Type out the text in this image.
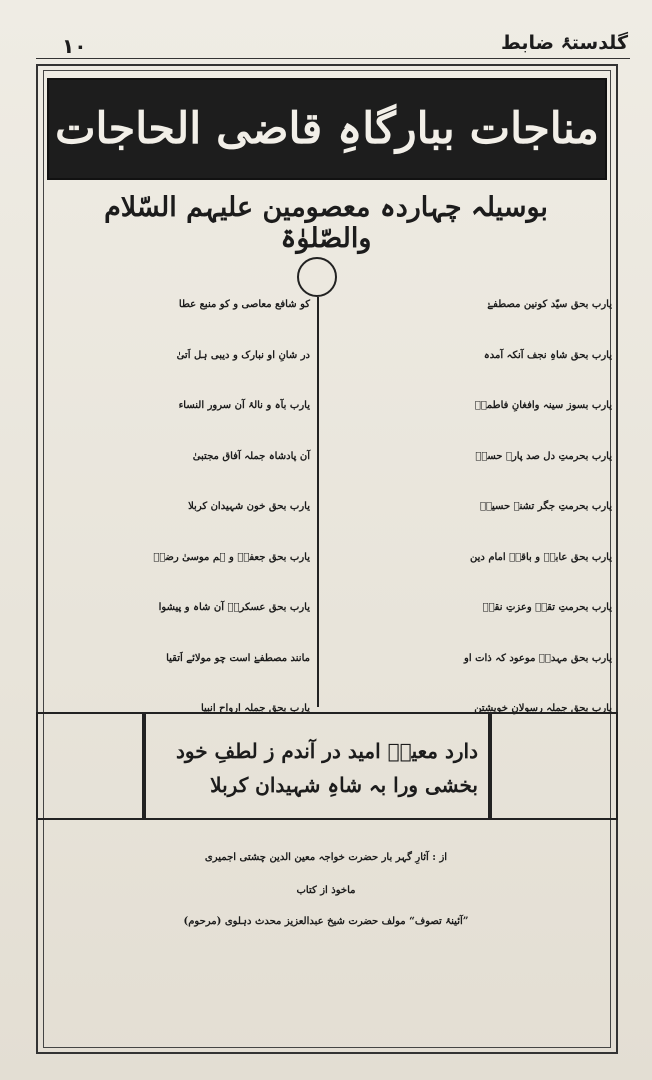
گلدستۂ ضابط
۱۰
مناجات ببارگاہِ قاضی الحاجات
بوسیلہ چہاردہ معصومین علیہم السّلام والصّلوٰۃ
یارب بحق سیّد کونین مصطفےٰ
یارب بحق شاہِ نجف آنکہ آمدہ
یارب بسوز سینہ وافغانِ فاطمہؑ
یارب بحرمتِ دل صد پارۂ حسنؑ
یارب بحرمتِ جگر تشنۂ حسینؑ
یارب بحق عابدؑ و باقرؑ امام دین
یارب بحرمتِ تقیؑ وعزتِ نقیؑ
یارب بحق مہدیؑ موعود کہ ذات او
یارب بحق جملہ رسولانِ خویشتن
کو شافع معاصی و کو منبع عطا
در شانِ او نبارک و دیبی ہل اَتیٰ
یارب بآہ و نالۂ آن سرور النساء
آن پادشاہ جملہ آفاق مجتبیٰ
یارب بحق خون شہیدان کربلا
یارب بحق جعفرؑ و ہم موسیٰ رضاؑ
یارب بحق عسکریؑ آن شاہ و پیشوا
مانند مصطفےٰ است چو مولائے اَتقیا
یارب بحق جملہ ارواح انبیا
دارد معینؔ امید در آندم ز لطفِ خود
بخشی ورا بہ شاہِ شہیدان کربلا
از : آثارِ گہر بار حضرت خواجہ معین الدین چشتی اجمیری
ماخوذ از کتاب
”آئینۂ تصوف“ مولف حضرت شیخ عبدالعزیز محدث دہلوی (مرحوم)
